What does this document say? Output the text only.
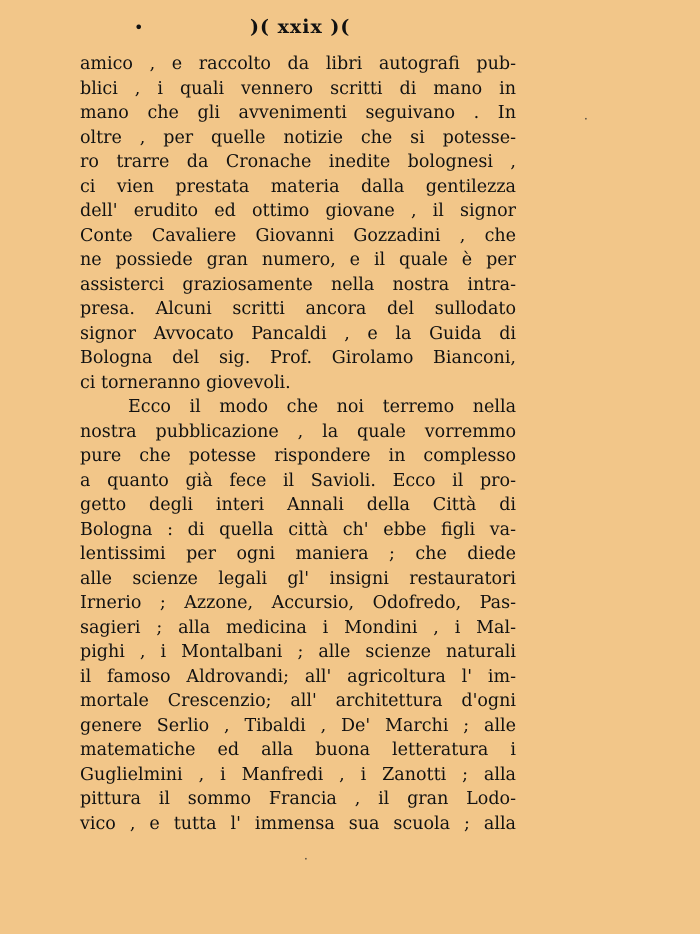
•	)( xxix )(
amico , e raccolto da libri autografi pub-
blici , i quali vennero scritti di mano in
mano che gli avvenimenti seguivano . In
oltre , per quelle notizie che si potesse-
ro trarre da Cronache inedite bolognesi ,
ci vien prestata materia dalla gentilezza
dell' erudito ed ottimo giovane , il signor
Conte Cavaliere Giovanni Gozzadini , che
ne possiede gran numero, e il quale è per
assisterci graziosamente nella nostra intra-
presa. Alcuni scritti ancora del sullodato
signor Avvocato Pancaldi , e la Guida di
Bologna del sig. Prof. Girolamo Bianconi,
ci torneranno giovevoli.
Ecco il modo che noi terremo nella
nostra pubblicazione , la quale vorremmo
pure che potesse rispondere in complesso
a quanto già fece il Savioli. Ecco il pro-
getto degli interi Annali della Città di
Bologna : di quella città ch' ebbe figli va-
lentissimi per ogni maniera ; che diede
alle scienze legali gl' insigni restauratori
Irnerio ; Azzone, Accursio, Odofredo, Pas-
sagieri ; alla medicina i Mondini , i Mal-
pighi , i Montalbani ; alle scienze naturali
il famoso Aldrovandi; all' agricoltura l' im-
mortale Crescenzio; all' architettura d'ogni
genere Serlio , Tibaldi , De' Marchi ; alle
matematiche ed alla buona letteratura i
Guglielmini , i Manfredi , i Zanotti ; alla
pittura il sommo Francia , il gran Lodo-
vico , e tutta l' immensa sua scuola ; alla
·
·
